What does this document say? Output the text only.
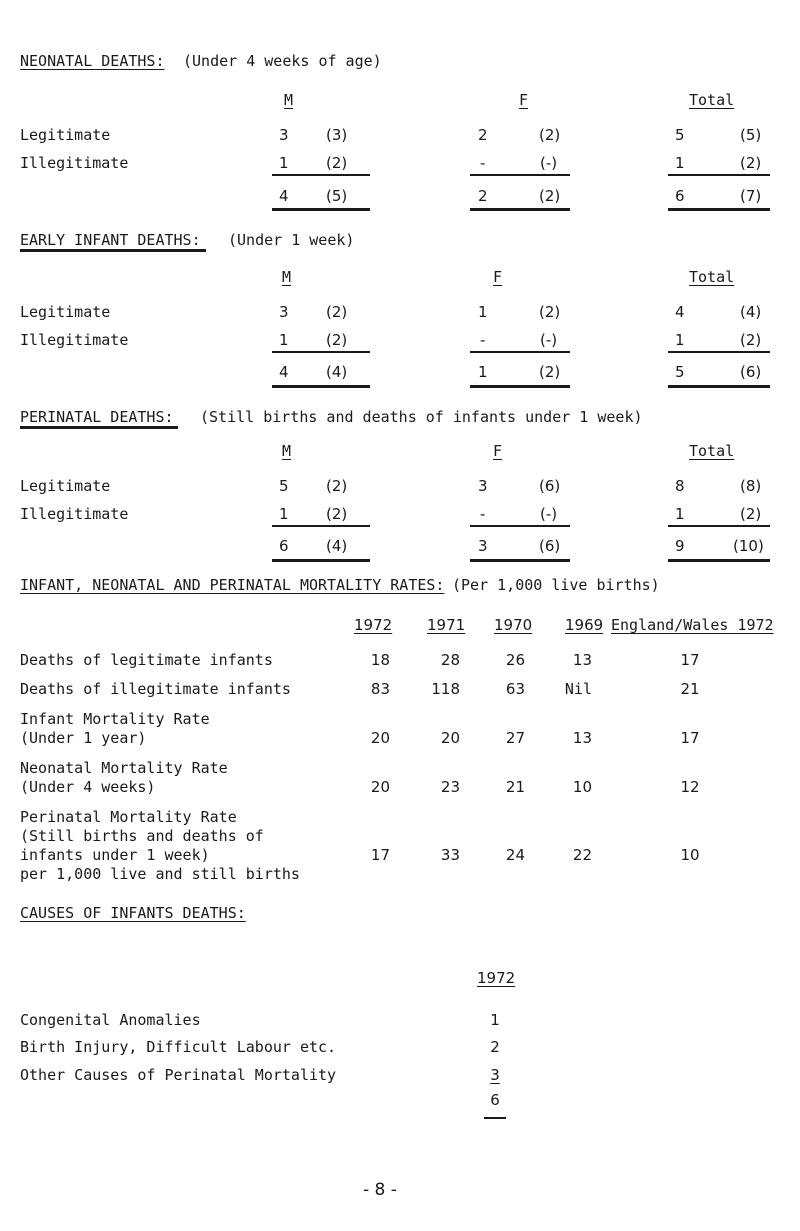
NEONATAL DEATHS: (Under 4 weeks of age)
M	F	Total
Legitimate	3 (3)	2	(2)	5	(5)
Illegitimate	1 (2)	-	(-)	1	(2)
4 (5)	2	(2)	6	(7)
EARLY INFANT DEATHS: (Under 1 week)
M	F	Total
Legitimate	3 (2)	1	(2)	4	(4)
Illegitimate	1 (2)	-	(-)	1	(2)
4 (4)	1	(2)	5	(6)
PERINATAL DEATHS: (Still births and deaths of infants under 1 week)
M	F	Total
Legitimate	5 (2)	3	(6)	8	(8)
Illegitimate	1 (2)	-	(-)	1	(2)
6 (4)	3	(6)	9	(10)
INFANT, NEONATAL AND PERINATAL MORTALITY RATES: (Per 1,000 live births)
1972 1971 1970 1969 England/Wales 1972
Deaths of legitimate infants	18	28	26	13	17
Deaths of illegitimate infants	83	118	63	Nil	21
Infant Mortality Rate
(Under 1 year)	20	20	27	13	17
Neonatal Mortality Rate
(Under 4 weeks)	20	23	21	10	12
Perinatal Mortality Rate
(Still births and deaths of
infants under 1 week)
per 1,000 live and still births
17	33	24	22	10
CAUSES OF INFANTS DEATHS:
1972
Congenital Anomalies	1
Birth Injury, Difficult Labour etc.	2
Other Causes of Perinatal Mortality	3
6
- 8 -
